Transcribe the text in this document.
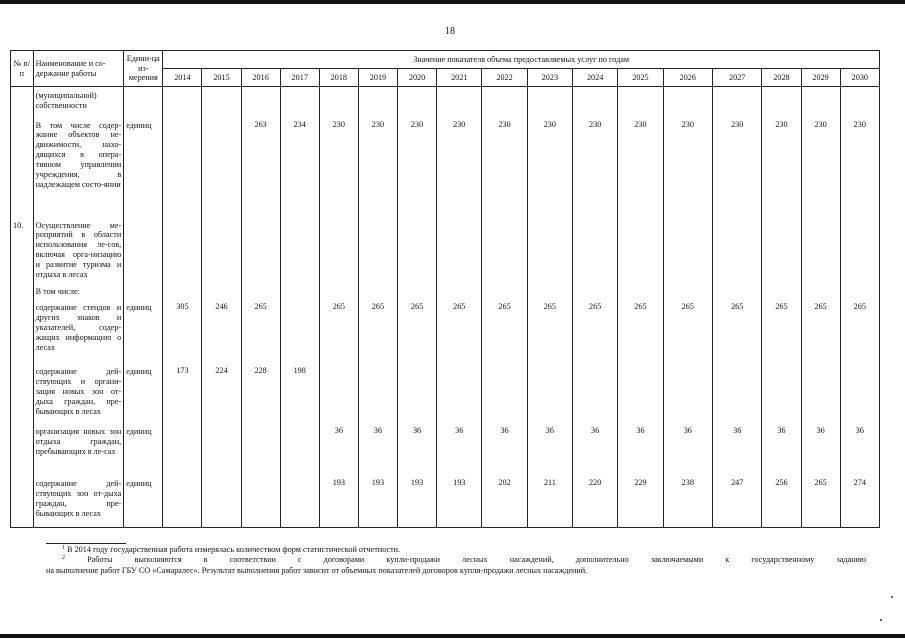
18
№ п/п	Наименование и со-держание работы	Едини-ца из-мерения	Значение показателя объема предоставляемых услуг по годам																
			2014	2015	2016	2017	2018	2019	2020	2021	2022	2023	2024	2025	2026	2027	2028	2029	2030
	(муниципальной) собственности																		
	В том числе содер-жание объектов не-движимости, нахо-дящихся в опера-тивном управлении учреждения, в надлежащем состо-янии	единиц			263	234	230	230	230	230	230	230	230	230	230	230	230	230	230
10.	Осуществление ме-роприятий в области использования ле-сов, включая орга-низацию и развитие туризма и отдыха в лесах																		
	В том числе:																		
	содержание стендов и других знаков и указателей, содер-жащих информацию о лесах	единиц	305	246	265		265	265	265	265	265	265	265	265	265	265	265	265	265
	содержание дей-ствующих и органи-зация новых зон от-дыха граждан, пре-бывающих в лесах	единиц	173	224	228	198													
	организация новых зон отдыха граждан, пребывающих в ле-сах	единиц					36	36	36	36	36	36	36	36	36	36	36	36	36
	содержание дей-ствующих зон от-дыха граждан, пре-бывающих в лесах	единиц					193	193	193	193	202	211	220	229	238	247	256	265	274
$^1$ В 2014 году государственная работа измерялась количеством форм статистической отчетности.
$^2$	Работы выполняются в соответствии с договорами купли-продажи лесных насаждений, дополнительно заключаемыми к государственному заданию
на выполнение работ ГБУ СО «Самаралес». Результат выполнения работ зависит от объемных показателей договоров купли-продажи лесных насаждений.
